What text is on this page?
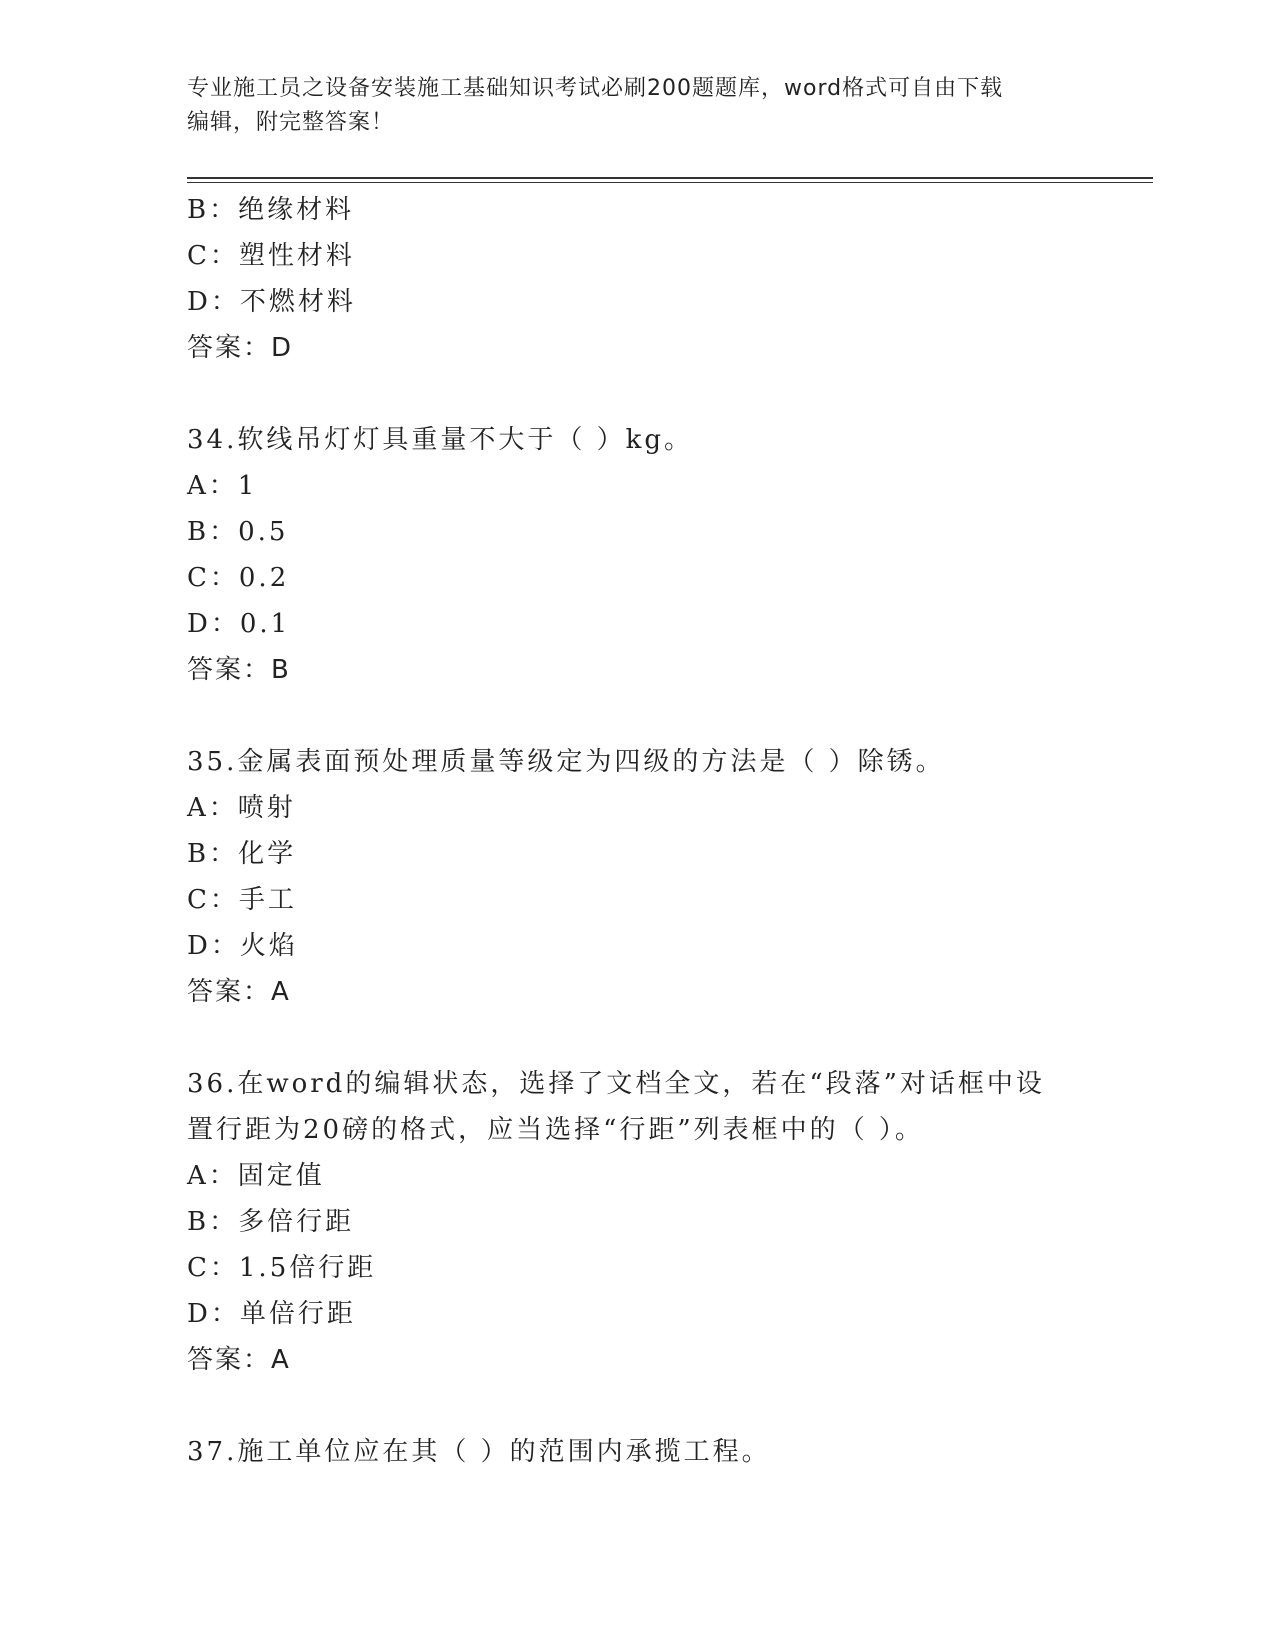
专业施工员之设备安装施工基础知识考试必刷200题题库，word格式可自由下载
编辑，附完整答案！
B：绝缘材料
C：塑性材料
D：不燃材料
答案：D
34.软线吊灯灯具重量不大于（ ）kg。
A：1
B：0.5
C：0.2
D：0.1
答案：B
35.金属表面预处理质量等级定为四级的方法是（ ）除锈。
A：喷射
B：化学
C：手工
D：火焰
答案：A
36.在word的编辑状态，选择了文档全文，若在“段落”对话框中设
置行距为20磅的格式，应当选择“行距”列表框中的（ ）。
A：固定值
B：多倍行距
C：1.5倍行距
D：单倍行距
答案：A
37.施工单位应在其（ ）的范围内承揽工程。
